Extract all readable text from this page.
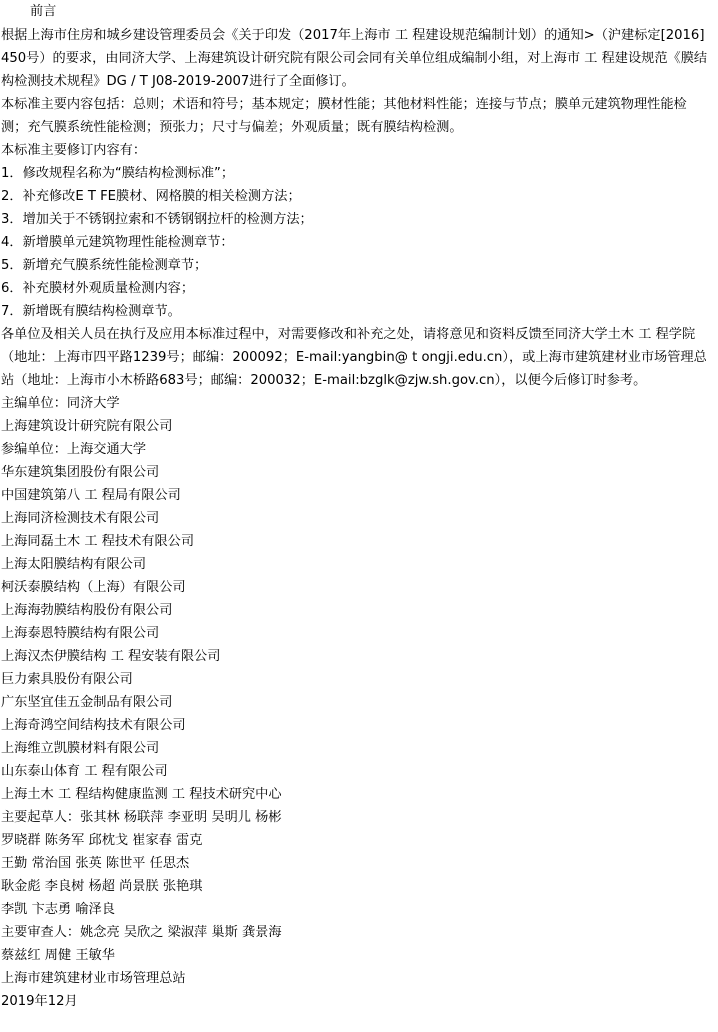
前言
根据上海市住房和城乡建设管理委员会《关于印发（2017年上海市 工 程建设规范编制计划）的通知>（沪建标定[2016] 450号）的要求，由同济大学、上海建筑设计研究院有限公司会同有关单位组成编制小组，对上海市 工 程建设规范《膜结构检测技术规程》DG / T J08-2019-2007进行了全面修订。
本标准主要内容包括：总则；术语和符号；基本规定；膜材性能；其他材料性能；连接与节点；膜单元建筑物理性能检测；充气膜系统性能检测；预张力；尺寸与偏差；外观质量；既有膜结构检测。
本标准主要修订内容有：
1．修改规程名称为“膜结构检测标准”；
2．补充修改E T FE膜材、网格膜的相关检测方法；
3．增加关于不锈钢拉索和不锈钢钢拉杆的检测方法；
4．新增膜单元建筑物理性能检测章节：
5．新增充气膜系统性能检测章节；
6．补充膜材外观质量检测内容；
7．新增既有膜结构检测章节。
各单位及相关人员在执行及应用本标准过程中，对需要修改和补充之处，请将意见和资料反馈至同济大学土木 工 程学院（地址：上海市四平路1239号；邮编：200092；E-mail:yangbin@ t ongji.edu.cn），或上海市建筑建材业市场管理总站（地址：上海市小木桥路683号；邮编：200032；E-mail:bzglk@zjw.sh.gov.cn），以便今后修订时参考。
主编单位：同济大学
上海建筑设计研究院有限公司
参编单位：上海交通大学
华东建筑集团股份有限公司
中国建筑第八 工 程局有限公司
上海同济检测技术有限公司
上海同磊土木 工 程技术有限公司
上海太阳膜结构有限公司
柯沃泰膜结构（上海）有限公司
上海海勃膜结构股份有限公司
上海泰恩特膜结构有限公司
上海汉杰伊膜结构 工 程安装有限公司
巨力索具股份有限公司
广东坚宜佳五金制品有限公司
上海奇鸿空间结构技术有限公司
上海维立凯膜材料有限公司
山东泰山体育 工 程有限公司
上海土木 工 程结构健康监测 工 程技术研究中心
主要起草人：张其林 杨联萍 李亚明 吴明儿 杨彬
罗晓群 陈务军 邱枕戈 崔家春 雷克
王勤 常治国 张英 陈世平 任思杰
耿金彪 李良树 杨超 尚景朕 张艳琪
李凯 卞志勇 喻泽良
主要审查人：姚念亮 吴欣之 梁淑萍 巢斯 龚景海
蔡兹红 周健 王敏华
上海市建筑建材业市场管理总站
2019年12月
